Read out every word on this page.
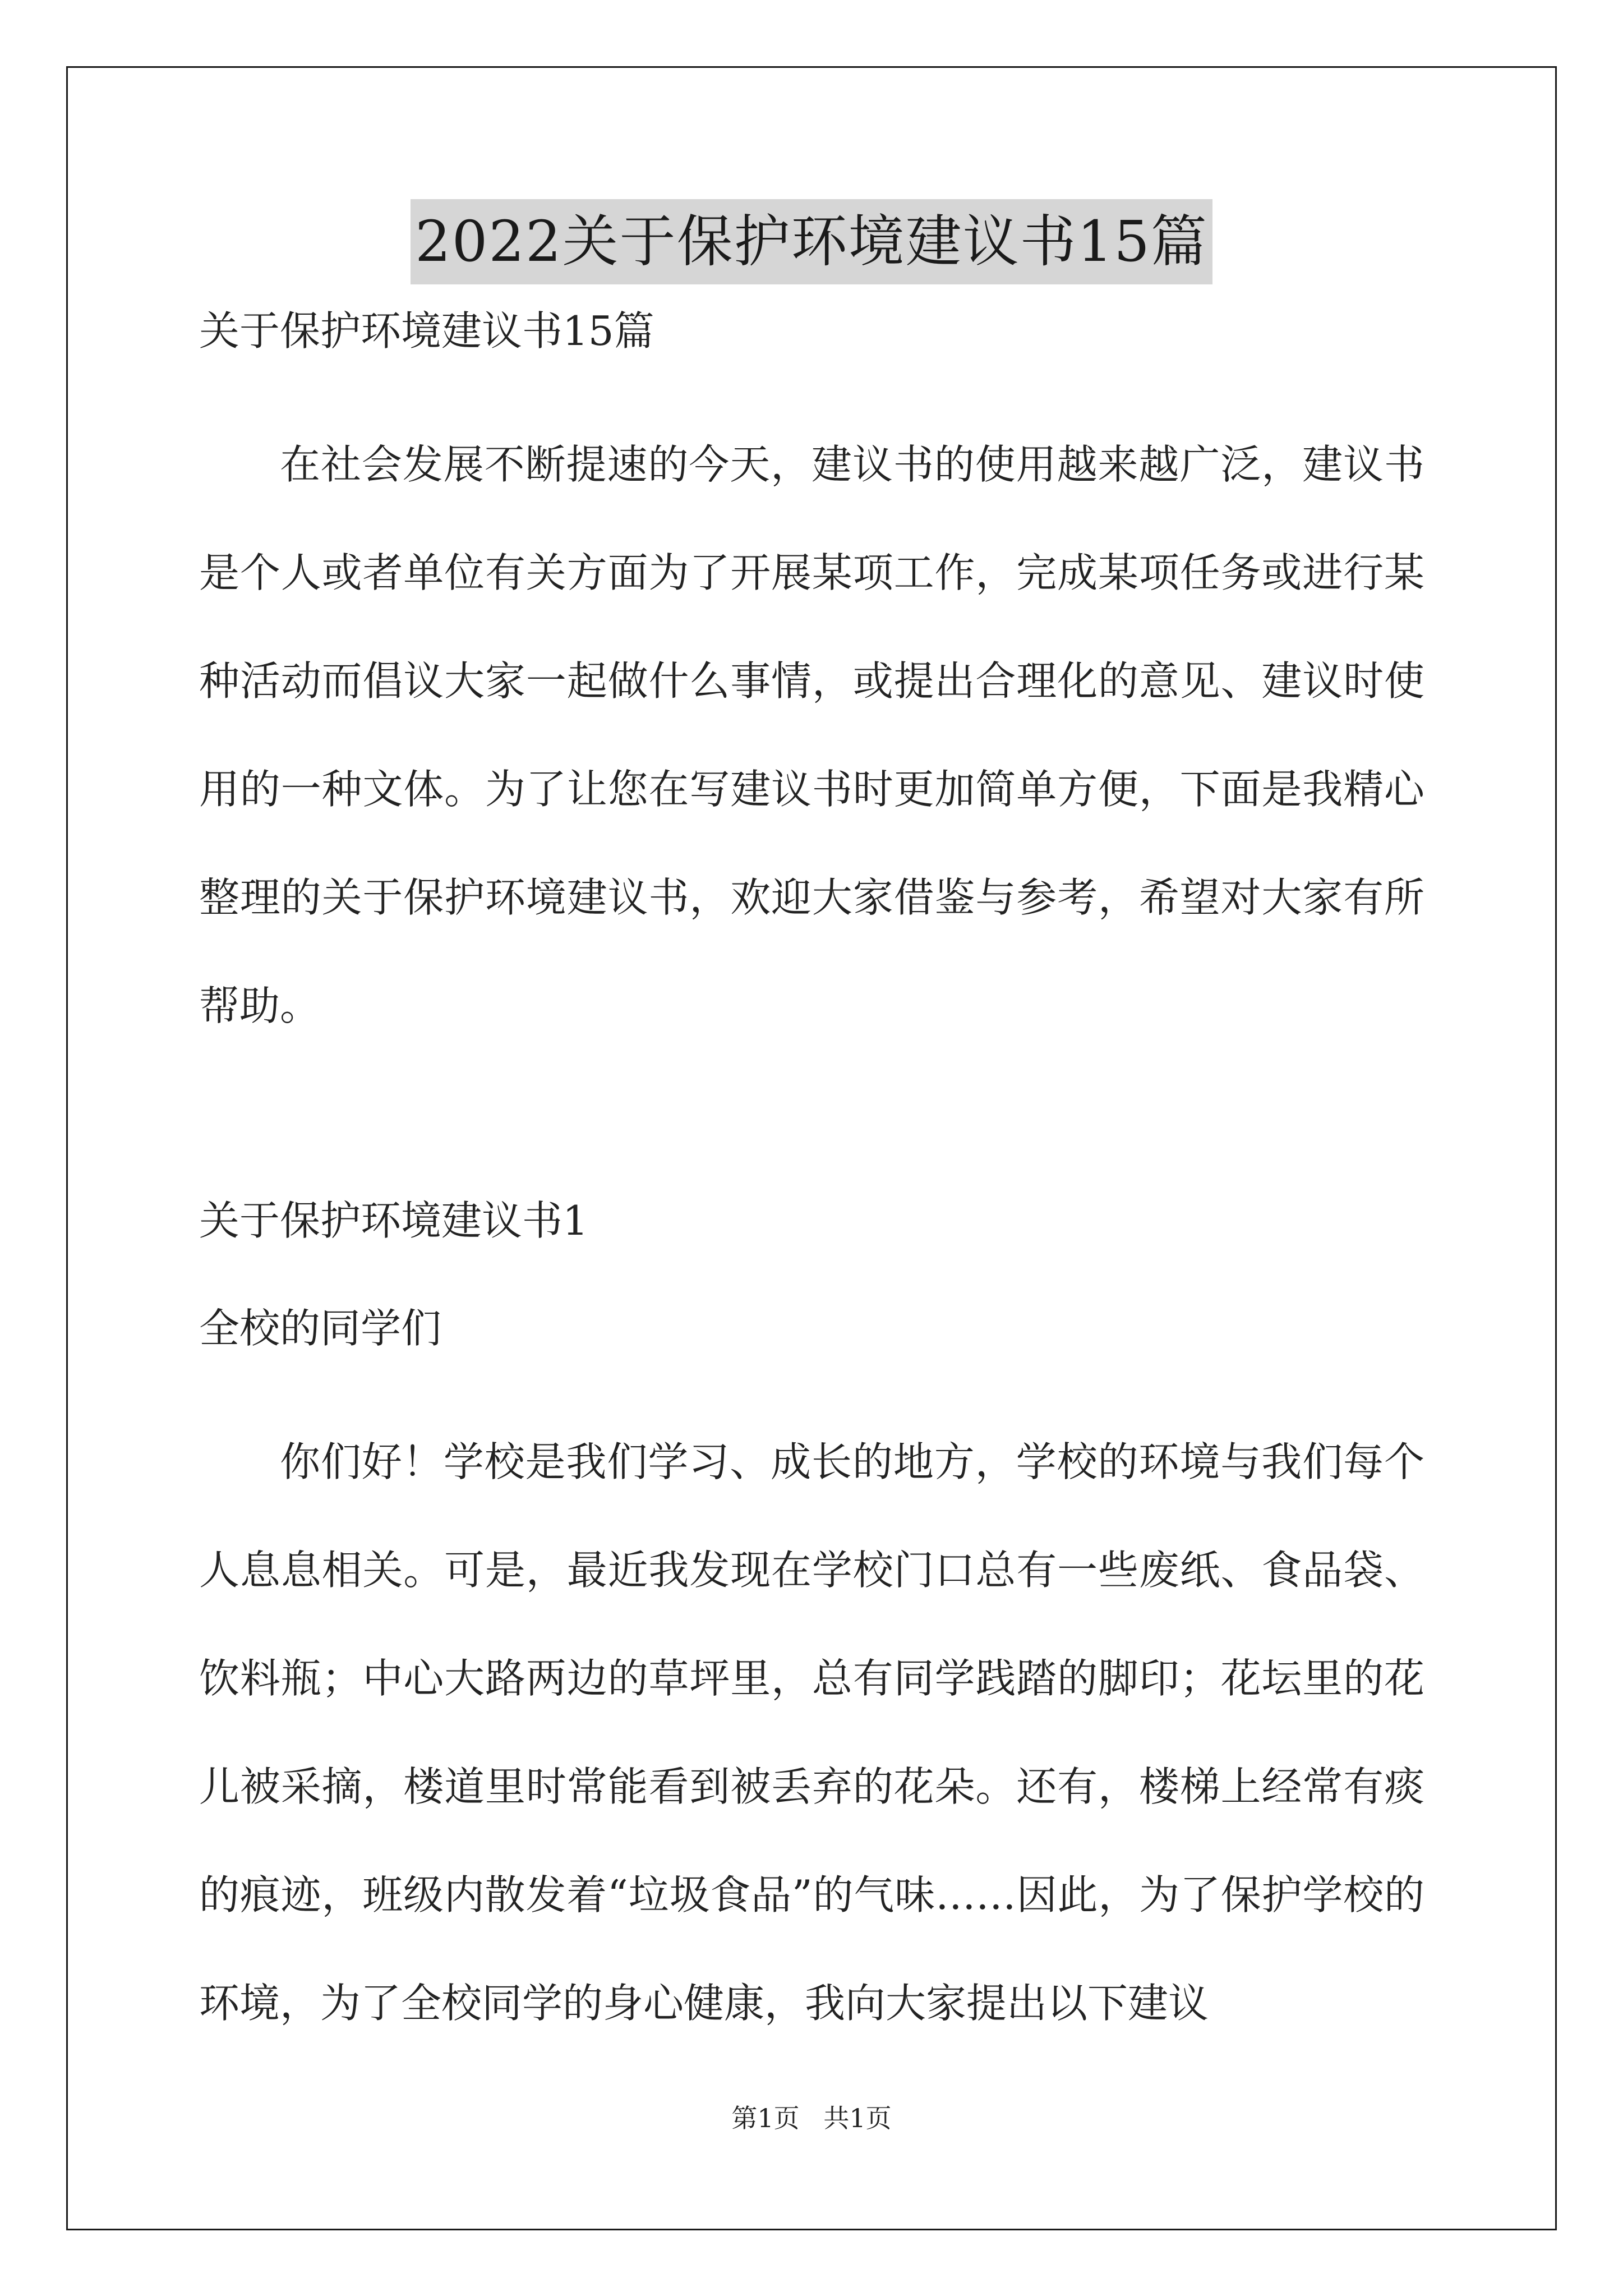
2022关于保护环境建议书15篇
关于保护环境建议书15篇

在社会发展不断提速的今天，建议书的使用越来越广泛，建议书是个人或者单位有关方面为了开展某项工作，完成某项任务或进行某种活动而倡议大家一起做什么事情，或提出合理化的意见、建议时使用的一种文体。为了让您在写建议书时更加简单方便，下面是我精心整理的关于保护环境建议书，欢迎大家借鉴与参考，希望对大家有所帮助。

关于保护环境建议书1
全校的同学们

你们好！学校是我们学习、成长的地方，学校的环境与我们每个人息息相关。可是，最近我发现在学校门口总有一些废纸、食品袋、饮料瓶；中心大路两边的草坪里，总有同学践踏的脚印；花坛里的花儿被采摘，楼道里时常能看到被丢弃的花朵。还有，楼梯上经常有痰的痕迹，班级内散发着“垃圾食品”的气味……因此，为了保护学校的环境，为了全校同学的身心健康，我向大家提出以下建议

第1页 共1页
